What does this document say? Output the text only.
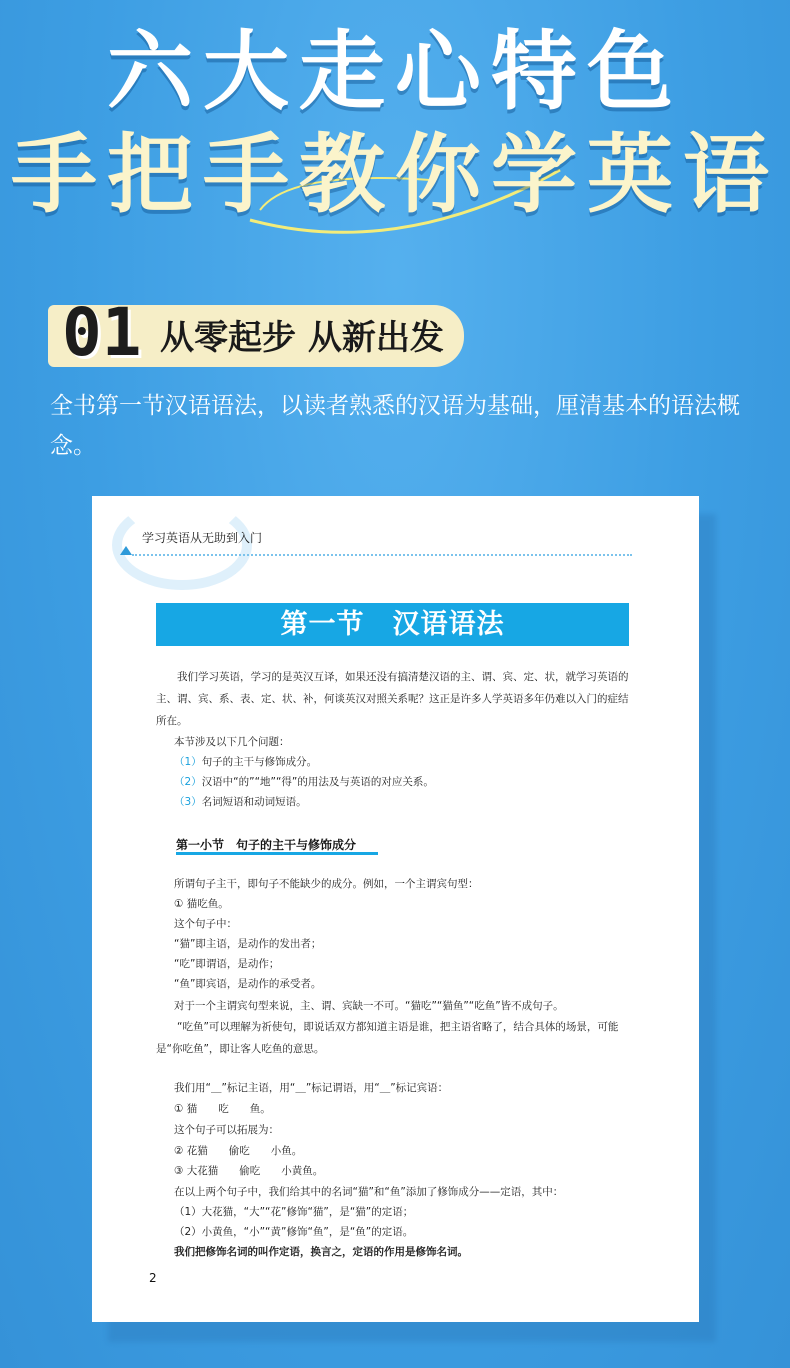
六大走心特色
手把手教你学英语
01 从零起步 从新出发
全书第一节汉语语法，以读者熟悉的汉语为基础，厘清基本的语法概念。
学习英语从无助到入门
第一节　汉语语法
我们学习英语，学习的是英汉互译，如果还没有搞清楚汉语的主、谓、宾、定、状，就学习英语的主、谓、宾、系、表、定、状、补，何谈英汉对照关系呢？这正是许多人学英语多年仍难以入门的症结所在。
本节涉及以下几个问题：
（1）句子的主干与修饰成分。
（2）汉语中“的”“地”“得”的用法及与英语的对应关系。
（3）名词短语和动词短语。
第一小节　句子的主干与修饰成分
所谓句子主干，即句子不能缺少的成分。例如，一个主谓宾句型：
① 猫吃鱼。
这个句子中：
“猫”即主语，是动作的发出者；
“吃”即谓语，是动作；
“鱼”即宾语，是动作的承受者。
对于一个主谓宾句型来说，主、谓、宾缺一不可。“猫吃”“猫鱼”“吃鱼”皆不成句子。
“吃鱼”可以理解为祈使句，即说话双方都知道主语是谁，把主语省略了，结合具体的场景，可能是“你吃鱼”，即让客人吃鱼的意思。
我们用“＿”标记主语，用“＿”标记谓语，用“＿”标记宾语：
① 猫　　吃　　鱼。
这个句子可以拓展为：
② 花猫　　偷吃　　小鱼。
③ 大花猫　　偷吃　　小黄鱼。
在以上两个句子中，我们给其中的名词“猫”和“鱼”添加了修饰成分——定语，其中：
（1）大花猫，“大”“花”修饰“猫”，是“猫”的定语；
（2）小黄鱼，“小”“黄”修饰“鱼”，是“鱼”的定语。
我们把修饰名词的叫作定语，换言之，定语的作用是修饰名词。
2
